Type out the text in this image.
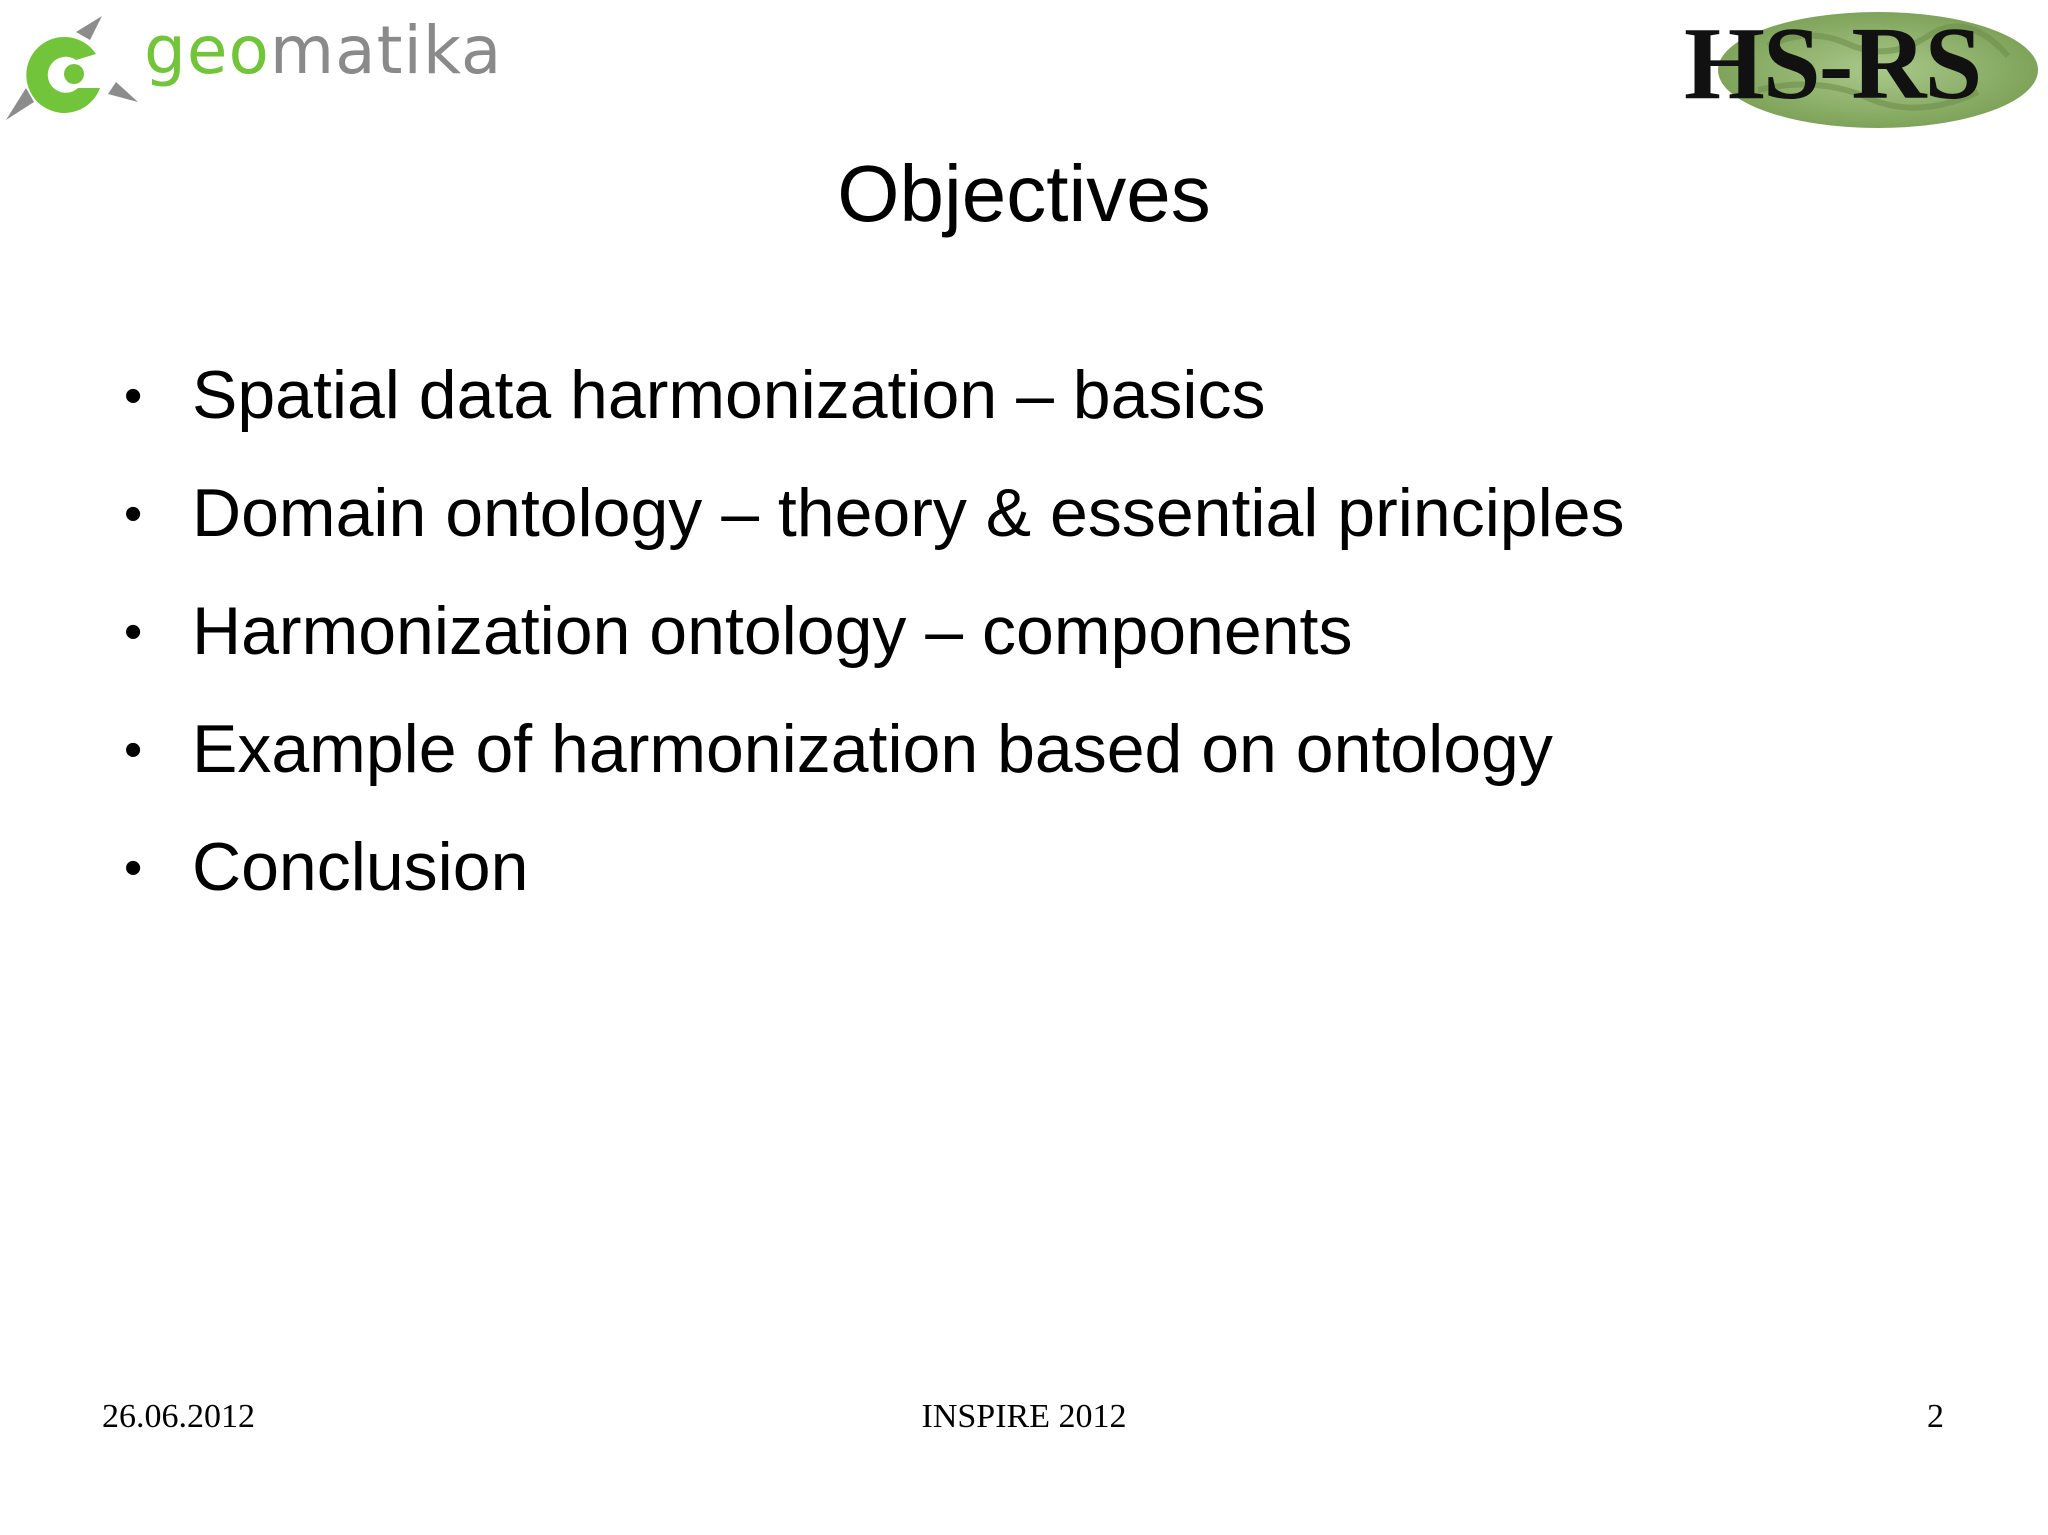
geomatika	HS-RS
Objectives
• Spatial data harmonization – basics
• Domain ontology – theory & essential principles
• Harmonization ontology – components
• Example of harmonization based on ontology
• Conclusion
26.06.2012	INSPIRE 2012	2
